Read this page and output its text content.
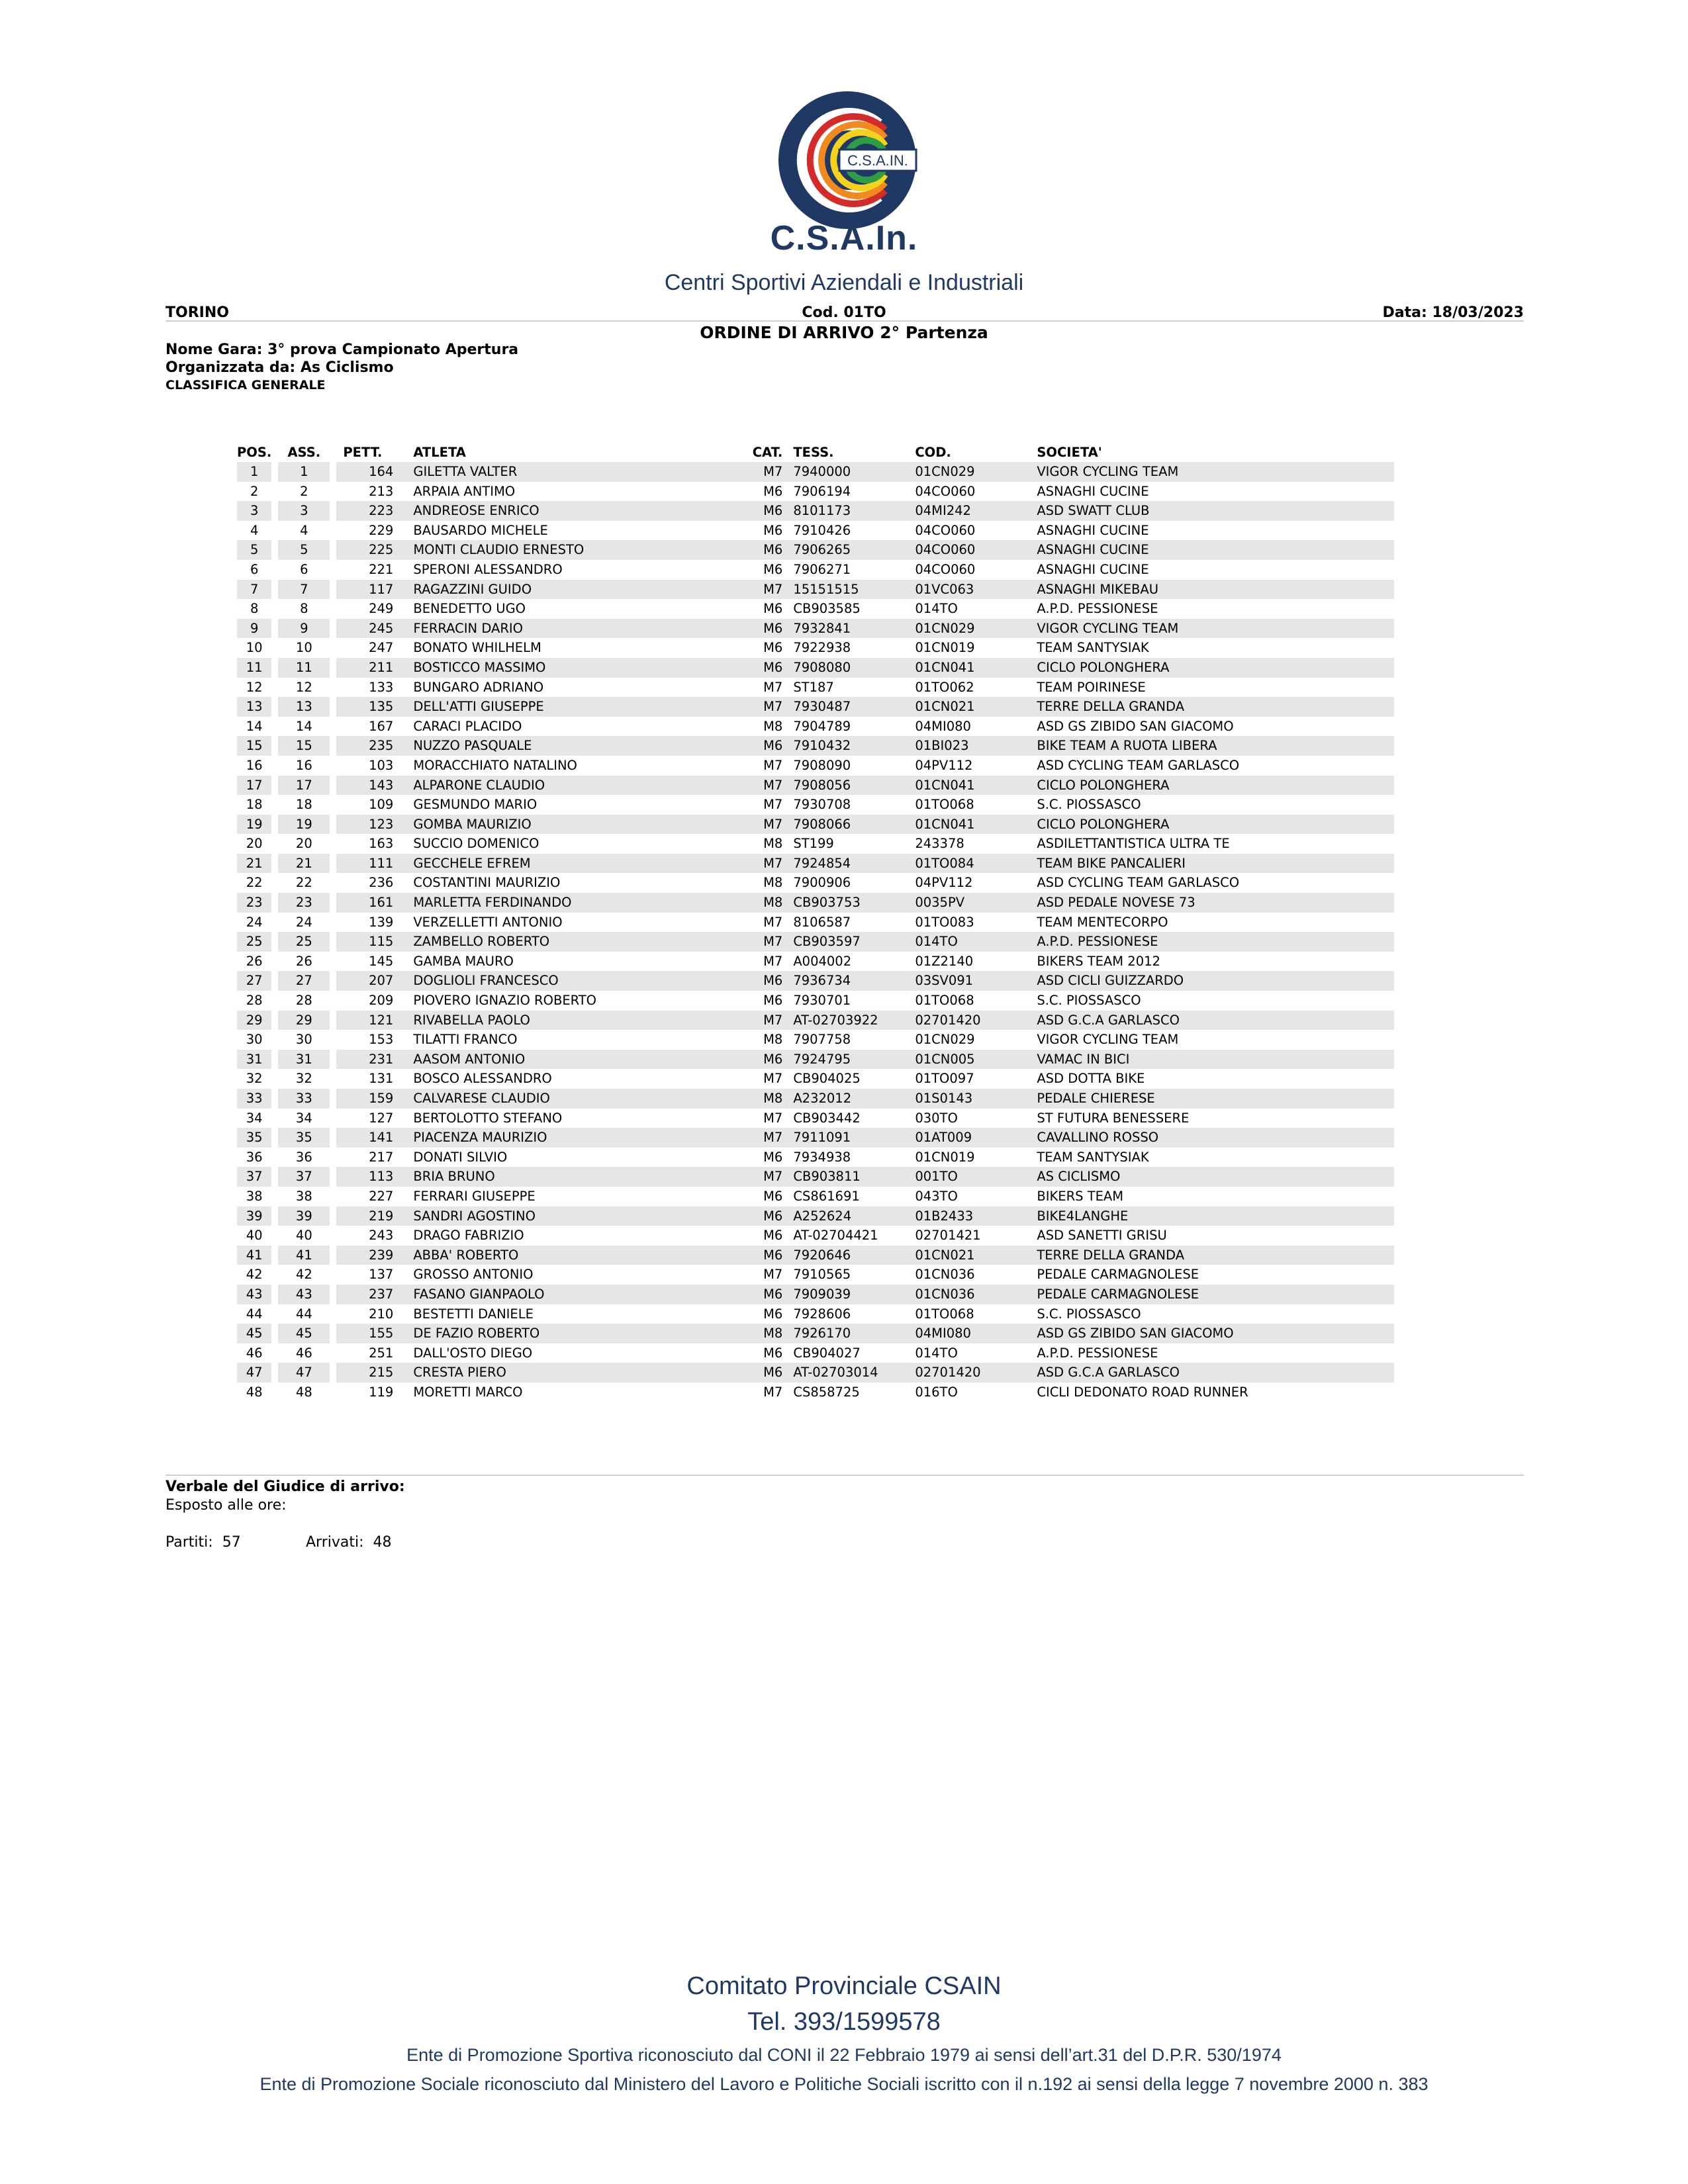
C.S.A.IN.
C.S.A.In.
Centri Sportivi Aziendali e Industriali
TORINO	Cod. 01TO	Data: 18/03/2023
ORDINE DI ARRIVO 2° Partenza
Nome Gara: 3° prova Campionato Apertura
Organizzata da: As Ciclismo
CLASSIFICA GENERALE
POS.		ASS.		PETT.	ATLETA	CAT.	TESS.	COD.	SOCIETA'
1		1		164	GILETTA VALTER	M7	7940000	01CN029	VIGOR CYCLING TEAM
2		2		213	ARPAIA ANTIMO	M6	7906194	04CO060	ASNAGHI CUCINE
3		3		223	ANDREOSE ENRICO	M6	8101173	04MI242	ASD SWATT CLUB
4		4		229	BAUSARDO MICHELE	M6	7910426	04CO060	ASNAGHI CUCINE
5		5		225	MONTI CLAUDIO ERNESTO	M6	7906265	04CO060	ASNAGHI CUCINE
6		6		221	SPERONI ALESSANDRO	M6	7906271	04CO060	ASNAGHI CUCINE
7		7		117	RAGAZZINI GUIDO	M7	15151515	01VC063	ASNAGHI MIKEBAU
8		8		249	BENEDETTO UGO	M6	CB903585	014TO	A.P.D. PESSIONESE
9		9		245	FERRACIN DARIO	M6	7932841	01CN029	VIGOR CYCLING TEAM
10		10		247	BONATO WHILHELM	M6	7922938	01CN019	TEAM SANTYSIAK
11		11		211	BOSTICCO MASSIMO	M6	7908080	01CN041	CICLO POLONGHERA
12		12		133	BUNGARO ADRIANO	M7	ST187	01TO062	TEAM POIRINESE
13		13		135	DELL'ATTI GIUSEPPE	M7	7930487	01CN021	TERRE DELLA GRANDA
14		14		167	CARACI PLACIDO	M8	7904789	04MI080	ASD GS ZIBIDO SAN GIACOMO
15		15		235	NUZZO PASQUALE	M6	7910432	01BI023	BIKE TEAM A RUOTA LIBERA
16		16		103	MORACCHIATO NATALINO	M7	7908090	04PV112	ASD CYCLING TEAM GARLASCO
17		17		143	ALPARONE CLAUDIO	M7	7908056	01CN041	CICLO POLONGHERA
18		18		109	GESMUNDO MARIO	M7	7930708	01TO068	S.C. PIOSSASCO
19		19		123	GOMBA MAURIZIO	M7	7908066	01CN041	CICLO POLONGHERA
20		20		163	SUCCIO DOMENICO	M8	ST199	243378	ASDILETTANTISTICA ULTRA TE
21		21		111	GECCHELE EFREM	M7	7924854	01TO084	TEAM BIKE PANCALIERI
22		22		236	COSTANTINI MAURIZIO	M8	7900906	04PV112	ASD CYCLING TEAM GARLASCO
23		23		161	MARLETTA FERDINANDO	M8	CB903753	0035PV	ASD PEDALE NOVESE 73
24		24		139	VERZELLETTI ANTONIO	M7	8106587	01TO083	TEAM MENTECORPO
25		25		115	ZAMBELLO ROBERTO	M7	CB903597	014TO	A.P.D. PESSIONESE
26		26		145	GAMBA MAURO	M7	A004002	01Z2140	BIKERS TEAM 2012
27		27		207	DOGLIOLI FRANCESCO	M6	7936734	03SV091	ASD CICLI GUIZZARDO
28		28		209	PIOVERO IGNAZIO ROBERTO	M6	7930701	01TO068	S.C. PIOSSASCO
29		29		121	RIVABELLA PAOLO	M7	AT-02703922	02701420	ASD G.C.A GARLASCO
30		30		153	TILATTI FRANCO	M8	7907758	01CN029	VIGOR CYCLING TEAM
31		31		231	AASOM ANTONIO	M6	7924795	01CN005	VAMAC IN BICI
32		32		131	BOSCO ALESSANDRO	M7	CB904025	01TO097	ASD DOTTA BIKE
33		33		159	CALVARESE CLAUDIO	M8	A232012	01S0143	PEDALE CHIERESE
34		34		127	BERTOLOTTO STEFANO	M7	CB903442	030TO	ST FUTURA BENESSERE
35		35		141	PIACENZA MAURIZIO	M7	7911091	01AT009	CAVALLINO ROSSO
36		36		217	DONATI SILVIO	M6	7934938	01CN019	TEAM SANTYSIAK
37		37		113	BRIA BRUNO	M7	CB903811	001TO	AS CICLISMO
38		38		227	FERRARI GIUSEPPE	M6	CS861691	043TO	BIKERS TEAM
39		39		219	SANDRI AGOSTINO	M6	A252624	01B2433	BIKE4LANGHE
40		40		243	DRAGO FABRIZIO	M6	AT-02704421	02701421	ASD SANETTI GRISU
41		41		239	ABBA' ROBERTO	M6	7920646	01CN021	TERRE DELLA GRANDA
42		42		137	GROSSO ANTONIO	M7	7910565	01CN036	PEDALE CARMAGNOLESE
43		43		237	FASANO GIANPAOLO	M6	7909039	01CN036	PEDALE CARMAGNOLESE
44		44		210	BESTETTI DANIELE	M6	7928606	01TO068	S.C. PIOSSASCO
45		45		155	DE FAZIO ROBERTO	M8	7926170	04MI080	ASD GS ZIBIDO SAN GIACOMO
46		46		251	DALL'OSTO DIEGO	M6	CB904027	014TO	A.P.D. PESSIONESE
47		47		215	CRESTA PIERO	M6	AT-02703014	02701420	ASD G.C.A GARLASCO
48		48		119	MORETTI MARCO	M7	CS858725	016TO	CICLI DEDONATO ROAD RUNNER
Verbale del Giudice di arrivo:
Esposto alle ore:
Partiti: 57	Arrivati: 48
Comitato Provinciale CSAIN
Tel. 393/1599578
Ente di Promozione Sportiva riconosciuto dal CONI il 22 Febbraio 1979 ai sensi dell’art.31 del D.P.R. 530/1974
Ente di Promozione Sociale riconosciuto dal Ministero del Lavoro e Politiche Sociali iscritto con il n.192 ai sensi della legge 7 novembre 2000 n. 383
